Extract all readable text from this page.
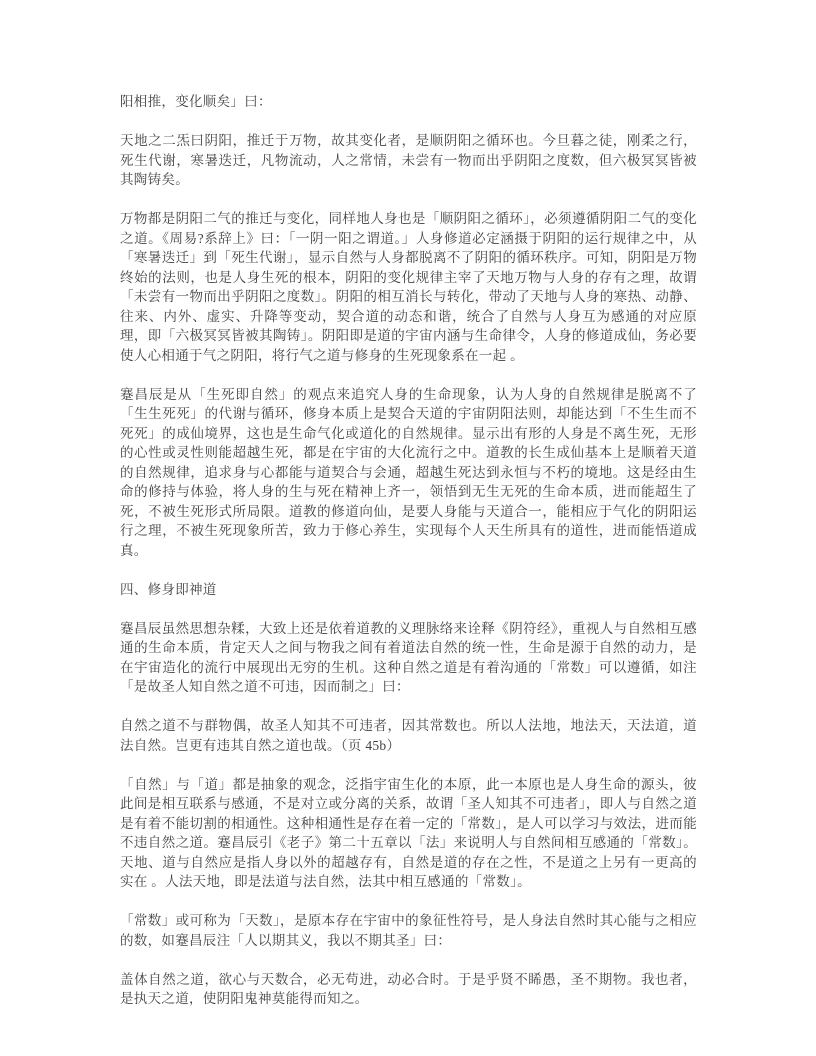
阳相推，变化顺矣」曰：

天地之二炁曰阴阳，推迁于万物，故其变化者，是顺阴阳之循环也。今旦暮之徒，刚柔之行，死生代谢，寒暑迭迁，凡物流动，人之常情，未尝有一物而出乎阴阳之度数，但六极冥冥皆被其陶铸矣。

万物都是阴阳二气的推迁与变化，同样地人身也是「顺阴阳之循环」，必须遵循阴阳二气的变化之道。《周易?系辞上》曰：「一阴一阳之谓道。」人身修道必定涵摄于阴阳的运行规律之中，从「寒暑迭迁」到「死生代谢」，显示自然与人身都脱离不了阴阳的循环秩序。可知，阴阳是万物终始的法则，也是人身生死的根本，阴阳的变化规律主宰了天地万物与人身的存有之理，故谓「未尝有一物而出乎阴阳之度数」。阴阳的相互消长与转化，带动了天地与人身的寒热、动静、往来、内外、虚实、升降等变动，契合道的动态和谐，统合了自然与人身互为感通的对应原理，即「六极冥冥皆被其陶铸」。阴阳即是道的宇宙内涵与生命律令，人身的修道成仙，务必要使人心相通于气之阴阳，将行气之道与修身的生死现象系在一起 。

蹇昌辰是从「生死即自然」的观点来追究人身的生命现象，认为人身的自然规律是脱离不了「生生死死」的代谢与循环，修身本质上是契合天道的宇宙阴阳法则，却能达到「不生生而不死死」的成仙境界，这也是生命气化或道化的自然规律。显示出有形的人身是不离生死，无形的心性或灵性则能超越生死，都是在宇宙的大化流行之中。道教的长生成仙基本上是顺着天道的自然规律，追求身与心都能与道契合与会通，超越生死达到永恒与不朽的境地。这是经由生命的修持与体验，将人身的生与死在精神上齐一，领悟到无生无死的生命本质，进而能超生了死，不被生死形式所局限。道教的修道向仙，是要人身能与天道合一，能相应于气化的阴阳运行之理，不被生死现象所苦，致力于修心养生，实现每个人天生所具有的道性，进而能悟道成真。

四、修身即神道

蹇昌辰虽然思想杂糅，大致上还是依着道教的义理脉络来诠释《阴符经》，重视人与自然相互感通的生命本质，肯定天人之间与物我之间有着道法自然的统一性，生命是源于自然的动力，是在宇宙造化的流行中展现出无穷的生机。这种自然之道是有着沟通的「常数」可以遵循，如注「是故圣人知自然之道不可违，因而制之」曰：

自然之道不与群物偶，故圣人知其不可违者，因其常数也。所以人法地，地法天，天法道，道法自然。岂更有违其自然之道也哉。（页 45b）

「自然」与「道」都是抽象的观念，泛指宇宙生化的本原，此一本原也是人身生命的源头，彼此间是相互联系与感通，不是对立或分离的关系，故谓「圣人知其不可违者」，即人与自然之道是有着不能切割的相通性。这种相通性是存在着一定的「常数」，是人可以学习与效法，进而能不违自然之道。蹇昌辰引《老子》第二十五章以「法」来说明人与自然间相互感通的「常数」。天地、道与自然应是指人身以外的超越存有，自然是道的存在之性，不是道之上另有一更高的实在 。人法天地，即是法道与法自然，法其中相互感通的「常数」。

「常数」或可称为「天数」，是原本存在宇宙中的象征性符号，是人身法自然时其心能与之相应的数，如蹇昌辰注「人以期其义，我以不期其圣」曰：

盖体自然之道，欲心与天数合，必无苟进，动必合时。于是乎贤不睎愚，圣不期物。我也者，是执天之道，使阴阳鬼神莫能得而知之。
